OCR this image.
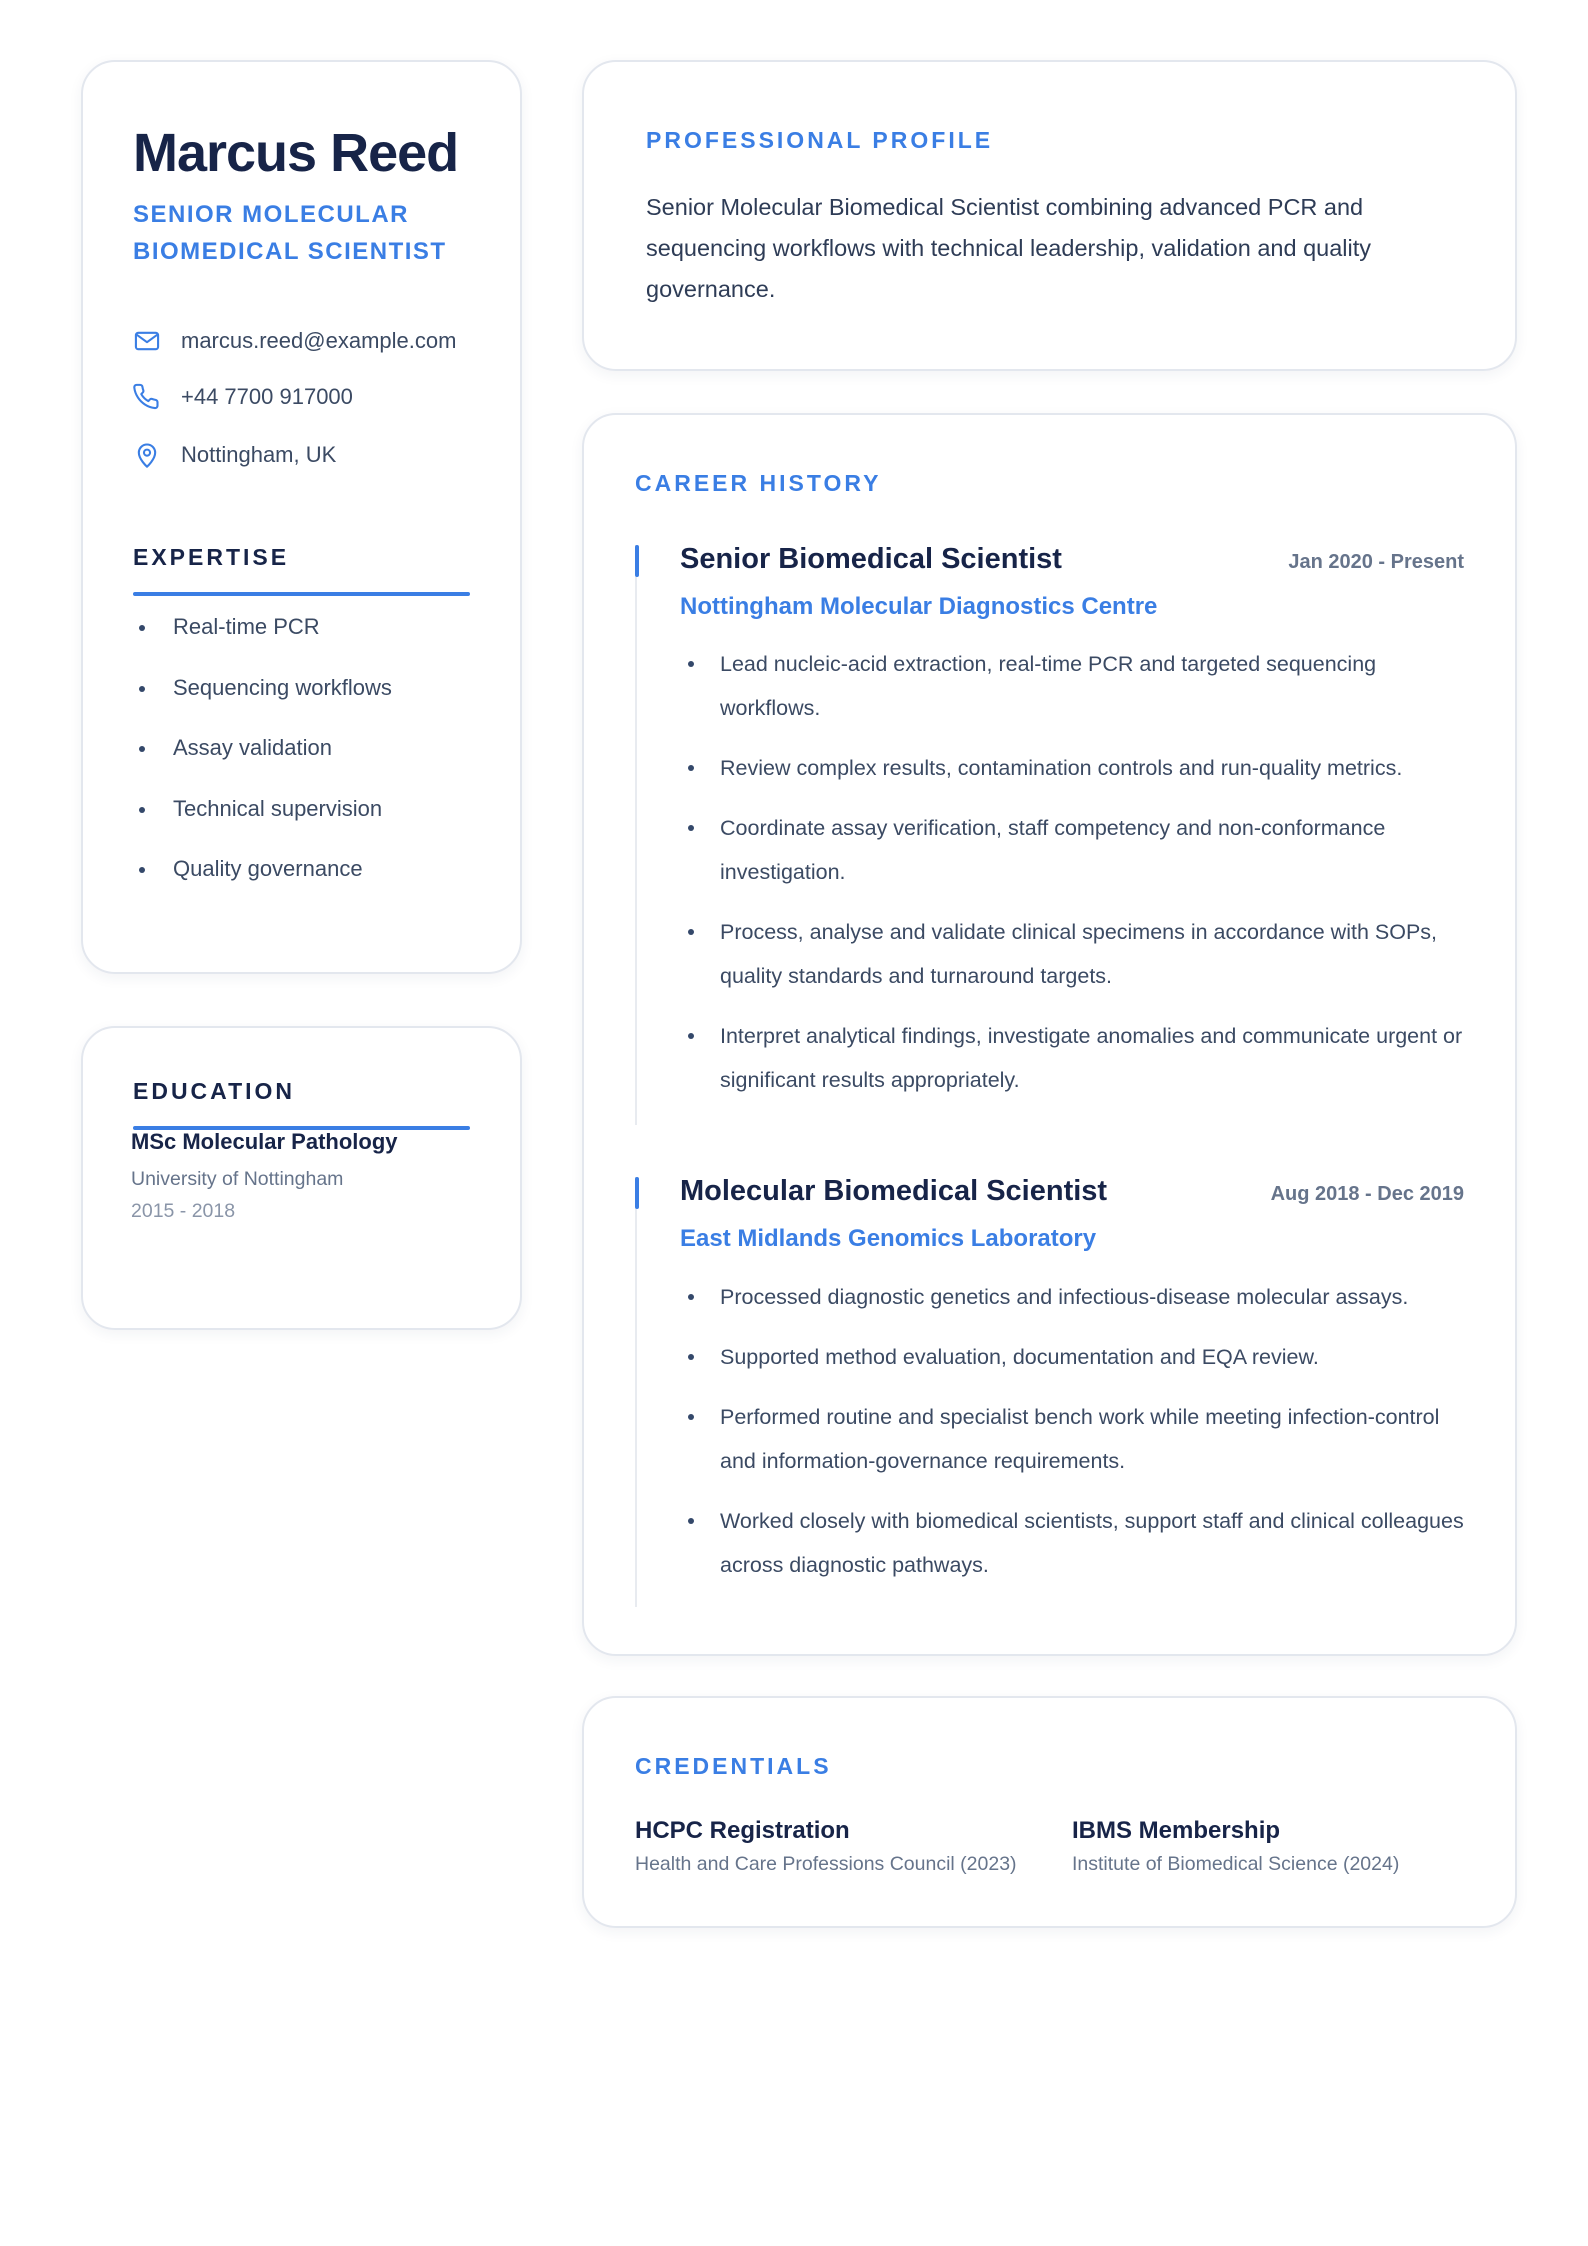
Marcus Reed
SENIOR MOLECULAR BIOMEDICAL SCIENTIST
marcus.reed@example.com
+44 7700 917000
Nottingham, UK
EXPERTISE
Real-time PCR
Sequencing workflows
Assay validation
Technical supervision
Quality governance
EDUCATION
MSc Molecular Pathology
University of Nottingham
2015 - 2018
PROFESSIONAL PROFILE
Senior Molecular Biomedical Scientist combining advanced PCR and sequencing workflows with technical leadership, validation and quality governance.
CAREER HISTORY
Senior Biomedical Scientist	Jan 2020 - Present
Nottingham Molecular Diagnostics Centre
Lead nucleic-acid extraction, real-time PCR and targeted sequencing workflows.
Review complex results, contamination controls and run-quality metrics.
Coordinate assay verification, staff competency and non-conformance investigation.
Process, analyse and validate clinical specimens in accordance with SOPs, quality standards and turnaround targets.
Interpret analytical findings, investigate anomalies and communicate urgent or significant results appropriately.
Molecular Biomedical Scientist	Aug 2018 - Dec 2019
East Midlands Genomics Laboratory
Processed diagnostic genetics and infectious-disease molecular assays.
Supported method evaluation, documentation and EQA review.
Performed routine and specialist bench work while meeting infection-control and information-governance requirements.
Worked closely with biomedical scientists, support staff and clinical colleagues across diagnostic pathways.
CREDENTIALS
HCPC Registration
Health and Care Professions Council (2023)
IBMS Membership
Institute of Biomedical Science (2024)
